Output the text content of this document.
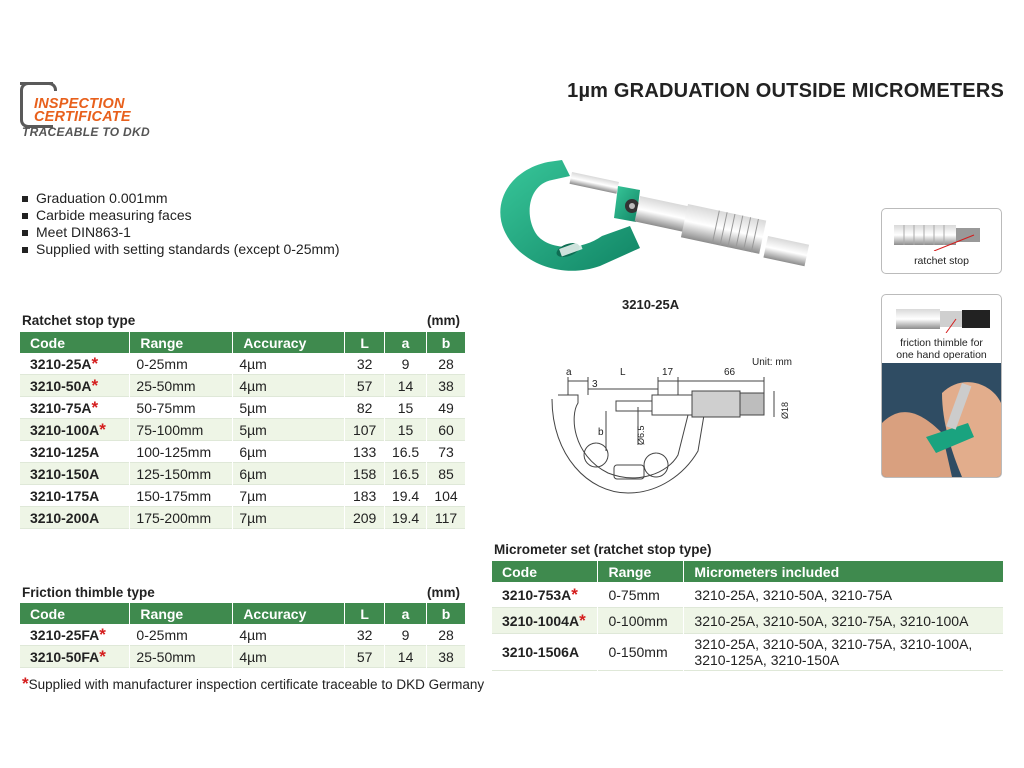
INSPECTION
CERTIFICATE
TRACEABLE TO DKD
1µm GRADUATION OUTSIDE MICROMETERS
Graduation 0.001mm
Carbide measuring faces
Meet DIN863-1
Supplied with setting standards (except 0-25mm)
Ratchet stop type	(mm)
Code	Range	Accuracy	L	a	b
3210-25A*	0-25mm	4µm	32	9	28
3210-50A*	25-50mm	4µm	57	14	38
3210-75A*	50-75mm	5µm	82	15	49
3210-100A*	75-100mm	5µm	107	15	60
3210-125A	100-125mm	6µm	133	16.5	73
3210-150A	125-150mm	6µm	158	16.5	85
3210-175A	150-175mm	7µm	183	19.4	104
3210-200A	175-200mm	7µm	209	19.4	117
Friction thimble type	(mm)
Code	Range	Accuracy	L	a	b
3210-25FA*	0-25mm	4µm	32	9	28
3210-50FA*	25-50mm	4µm	57	14	38
Micrometer set (ratchet stop type)
Code	Range	Micrometers included
3210-753A*	0-75mm	3210-25A, 3210-50A, 3210-75A
3210-1004A*	0-100mm	3210-25A, 3210-50A, 3210-75A, 3210-100A
3210-1506A	0-150mm	3210-25A, 3210-50A, 3210-75A, 3210-100A, 3210-125A, 3210-150A
3210-25A
ratchet stop
friction thimble for
one hand operation
Unit: mm
a
3
L	17	66
b	Ø6.5
Ø18
*Supplied with manufacturer inspection certificate traceable to DKD Germany
